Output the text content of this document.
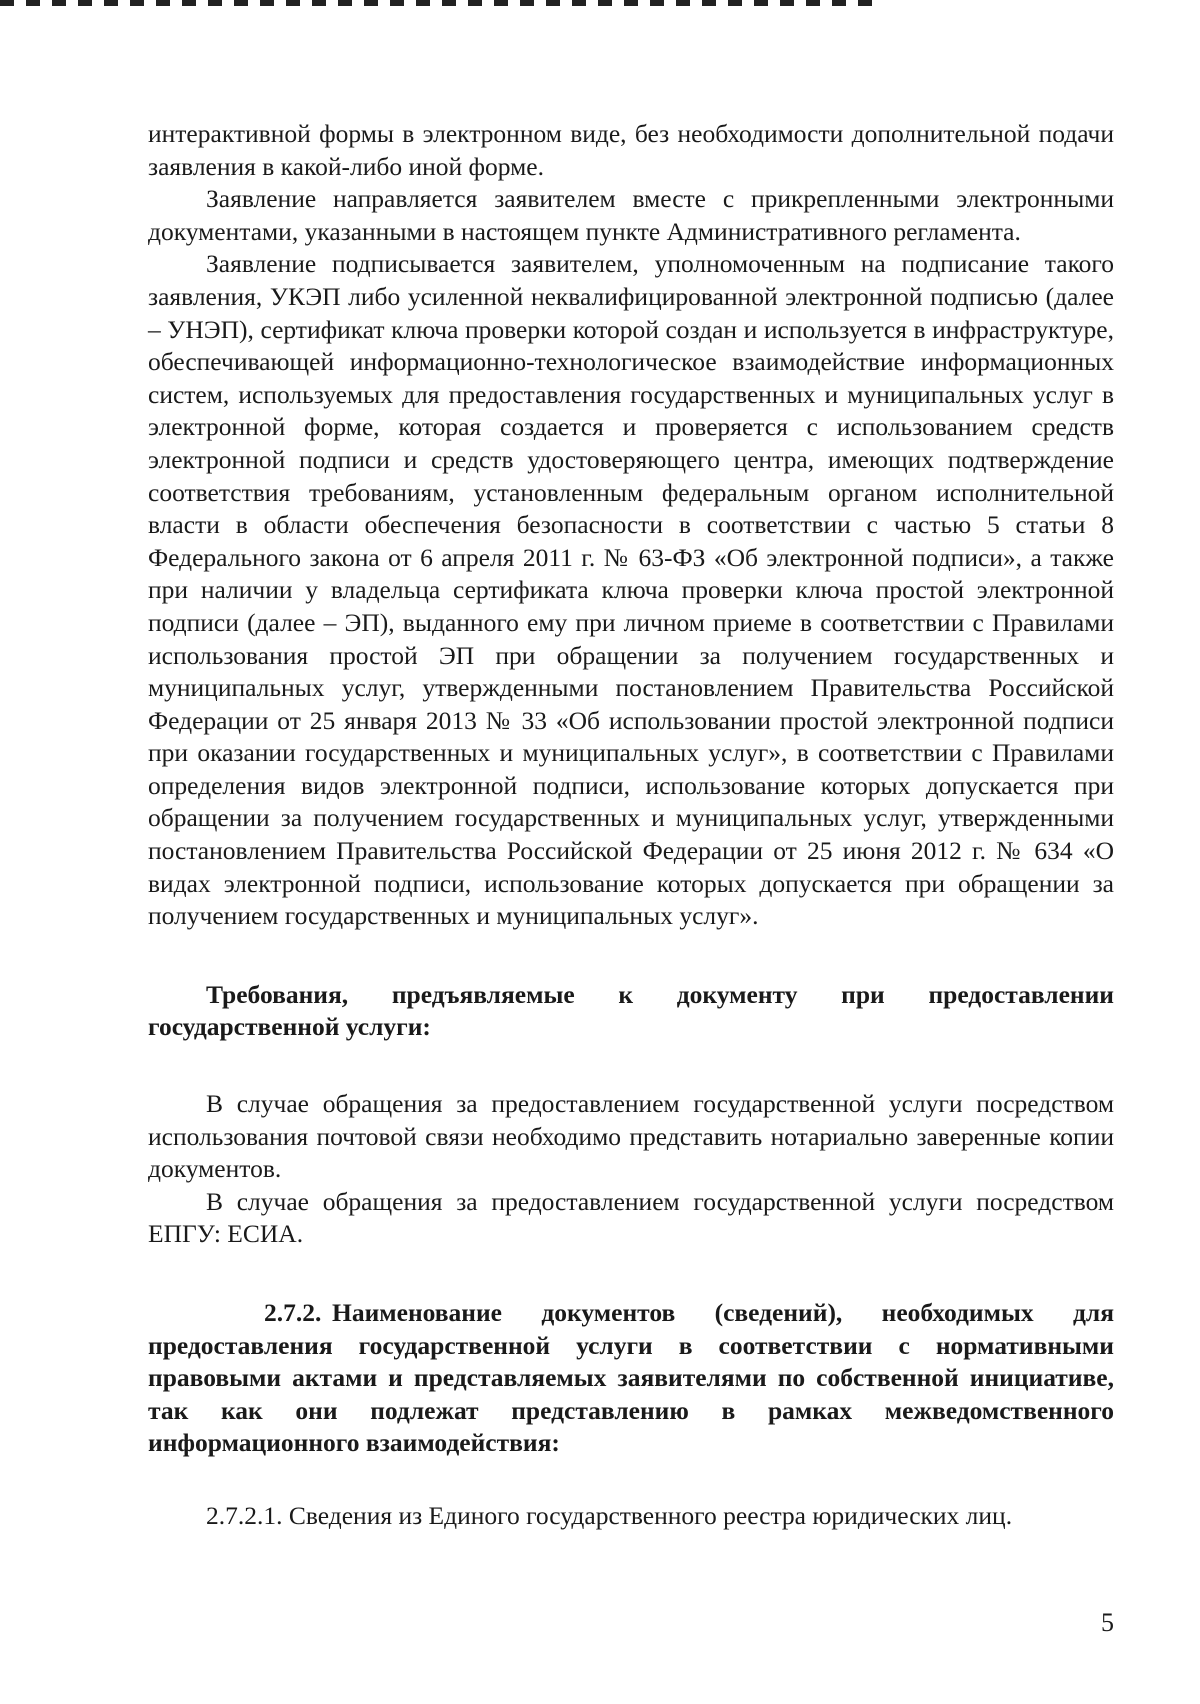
интерактивной формы в электронном виде, без необходимости дополнительной подачи заявления в какой-либо иной форме.

Заявление направляется заявителем вместе с прикрепленными электронными документами, указанными в настоящем пункте Административного регламента.

Заявление подписывается заявителем, уполномоченным на подписание такого заявления, УКЭП либо усиленной неквалифицированной электронной подписью (далее – УНЭП), сертификат ключа проверки которой создан и используется в инфраструктуре, обеспечивающей информационно-технологическое взаимодействие информационных систем, используемых для предоставления государственных и муниципальных услуг в электронной форме, которая создается и проверяется с использованием средств электронной подписи и средств удостоверяющего центра, имеющих подтверждение соответствия требованиям, установленным федеральным органом исполнительной власти в области обеспечения безопасности в соответствии с частью 5 статьи 8 Федерального закона от 6 апреля 2011 г. № 63-ФЗ «Об электронной подписи», а также при наличии у владельца сертификата ключа проверки ключа простой электронной подписи (далее – ЭП), выданного ему при личном приеме в соответствии с Правилами использования простой ЭП при обращении за получением государственных и муниципальных услуг, утвержденными постановлением Правительства Российской Федерации от 25 января 2013 № 33 «Об использовании простой электронной подписи при оказании государственных и муниципальных услуг», в соответствии с Правилами определения видов электронной подписи, использование которых допускается при обращении за получением государственных и муниципальных услуг, утвержденными постановлением Правительства Российской Федерации от 25 июня 2012 г. № 634 «О видах электронной подписи, использование которых допускается при обращении за получением государственных и муниципальных услуг».

Требования, предъявляемые к документу при предоставлении государственной услуги:

В случае обращения за предоставлением государственной услуги посредством использования почтовой связи необходимо представить нотариально заверенные копии документов.

В случае обращения за предоставлением государственной услуги посредством ЕПГУ: ЕСИА.

2.7.2. Наименование документов (сведений), необходимых для предоставления государственной услуги в соответствии с нормативными правовыми актами и представляемых заявителями по собственной инициативе, так как они подлежат представлению в рамках межведомственного информационного взаимодействия:

2.7.2.1. Сведения из Единого государственного реестра юридических лиц.

5
